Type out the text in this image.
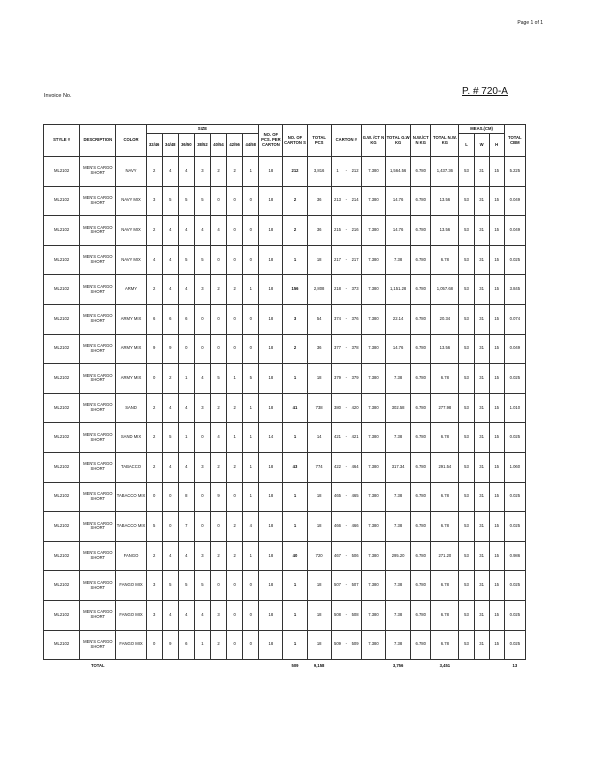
Page 1 of 1
Invoice No.	P. # 720-A
STYLE #	DESCRIPTION	COLOR	SIZE							NO. OF PCS. PER CARTON	NO. OF CARTON S	TOTAL PCS	CARTON #			G.W. /CT N KG	TOTAL G.W KG	N.W./CT N KG	TOTAL N.W. KG	MEAS.(CM)			TOTAL CBM
			32/46	34/48	36/50	38/52	40/54	42/56	44/58											L	W	H	
ML2102	MEN'S CARGO SHORT	NAVY	2	4	4	3	2	2	1	18	212	3,816	1	-	212	7.380	1,564.56	6.780	1,437.36	53	31	15	5.225
ML2102	MEN'S CARGO SHORT	NAVY MIX	3	5	5	5	0	0	0	18	2	36	213	-	214	7.380	14.76	6.780	13.56	53	31	15	0.049
ML2102	MEN'S CARGO SHORT	NAVY MIX	2	4	4	4	4	0	0	18	2	36	215	-	216	7.380	14.76	6.780	13.56	53	31	15	0.049
ML2102	MEN'S CARGO SHORT	NAVY MIX	4	4	5	5	0	0	0	18	1	18	217	-	217	7.380	7.38	6.780	6.78	53	31	15	0.025
ML2102	MEN'S CARGO SHORT	ARMY	2	4	4	3	2	2	1	18	156	2,808	218	-	373	7.380	1,151.28	6.780	1,057.68	53	31	15	3.845
ML2102	MEN'S CARGO SHORT	ARMY MIX	6	6	6	0	0	0	0	18	3	54	374	-	376	7.380	22.14	6.780	20.34	53	31	15	0.074
ML2102	MEN'S CARGO SHORT	ARMY MIX	9	9	0	0	0	0	0	18	2	36	377	-	378	7.380	14.76	6.780	13.56	53	31	15	0.049
ML2102	MEN'S CARGO SHORT	ARMY MIX	0	2	1	4	5	1	5	18	1	18	379	-	379	7.380	7.38	6.780	6.78	53	31	15	0.025
ML2102	MEN'S CARGO SHORT	SAND	2	4	4	3	2	2	1	18	41	738	380	-	420	7.380	302.58	6.780	277.98	53	31	15	1.010
ML2102	MEN'S CARGO SHORT	SAND MIX	2	5	1	0	4	1	1	14	1	14	421	-	421	7.380	7.38	6.780	6.78	53	31	15	0.025
ML2102	MEN'S CARGO SHORT	TABACCO	2	4	4	3	2	2	1	18	43	774	422	-	464	7.380	317.34	6.780	291.54	53	31	15	1.060
ML2102	MEN'S CARGO SHORT	TABACCO MIX	0	0	8	0	9	0	1	18	1	18	465	-	465	7.380	7.38	6.780	6.78	53	31	15	0.025
ML2102	MEN'S CARGO SHORT	TABACCO MIX	5	0	7	0	0	2	4	18	1	18	466	-	466	7.380	7.38	6.780	6.78	53	31	15	0.025
ML2102	MEN'S CARGO SHORT	FANGO	2	4	4	3	2	2	1	18	40	720	467	-	506	7.380	295.20	6.780	271.20	53	31	15	0.986
ML2102	MEN'S CARGO SHORT	FANGO MIX	3	5	5	5	0	0	0	18	1	18	507	-	507	7.380	7.38	6.780	6.78	53	31	15	0.025
ML2102	MEN'S CARGO SHORT	FANGO MIX	3	4	4	4	3	0	0	18	1	18	508	-	508	7.380	7.38	6.780	6.78	53	31	15	0.025
ML2102	MEN'S CARGO SHORT	FANGO MIX	0	9	6	1	2	0	0	18	1	18	509	-	509	7.380	7.38	6.780	6.78	53	31	15	0.025
	TOTAL										509	9,158					3,756		3,451				13
